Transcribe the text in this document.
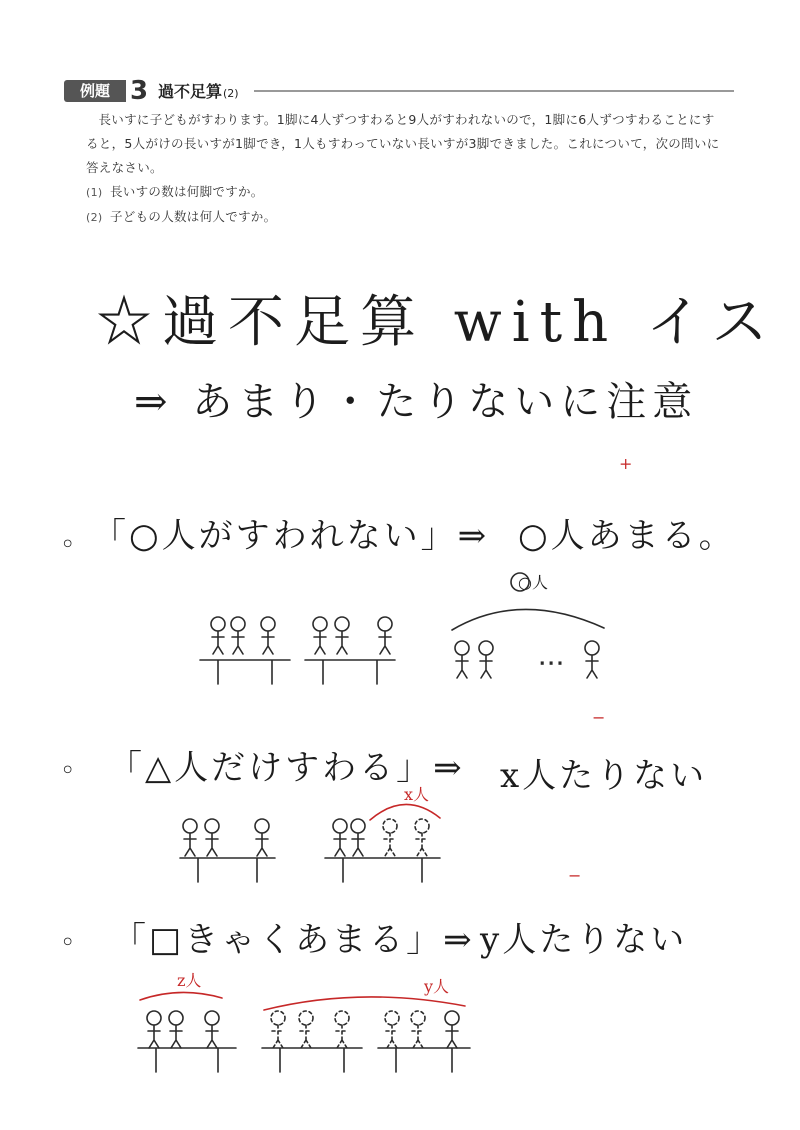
例題 3 過不足算(2)

長いすに子どもがすわります。1脚に4人ずつすわると9人がすわれないので，1脚に6人ずつすわることにすると，5人がけの長いすが1脚でき，1人もすわっていない長いすが3脚できました。これについて，次の問いに答えなさい。

(1) 長いすの数は何脚ですか。
(2) 子どもの人数は何人ですか。
☆過不足算 with イス
⇒ あまり・たりないに注意
+
−
−
◦ 「○人がすわれない」⇒ ○人あまる。
◦ 「△人だけすわる」⇒ x人たりない
◦ 「□きゃくあまる」⇒ y人たりない
○人
x人
z人	y人
· · ·
